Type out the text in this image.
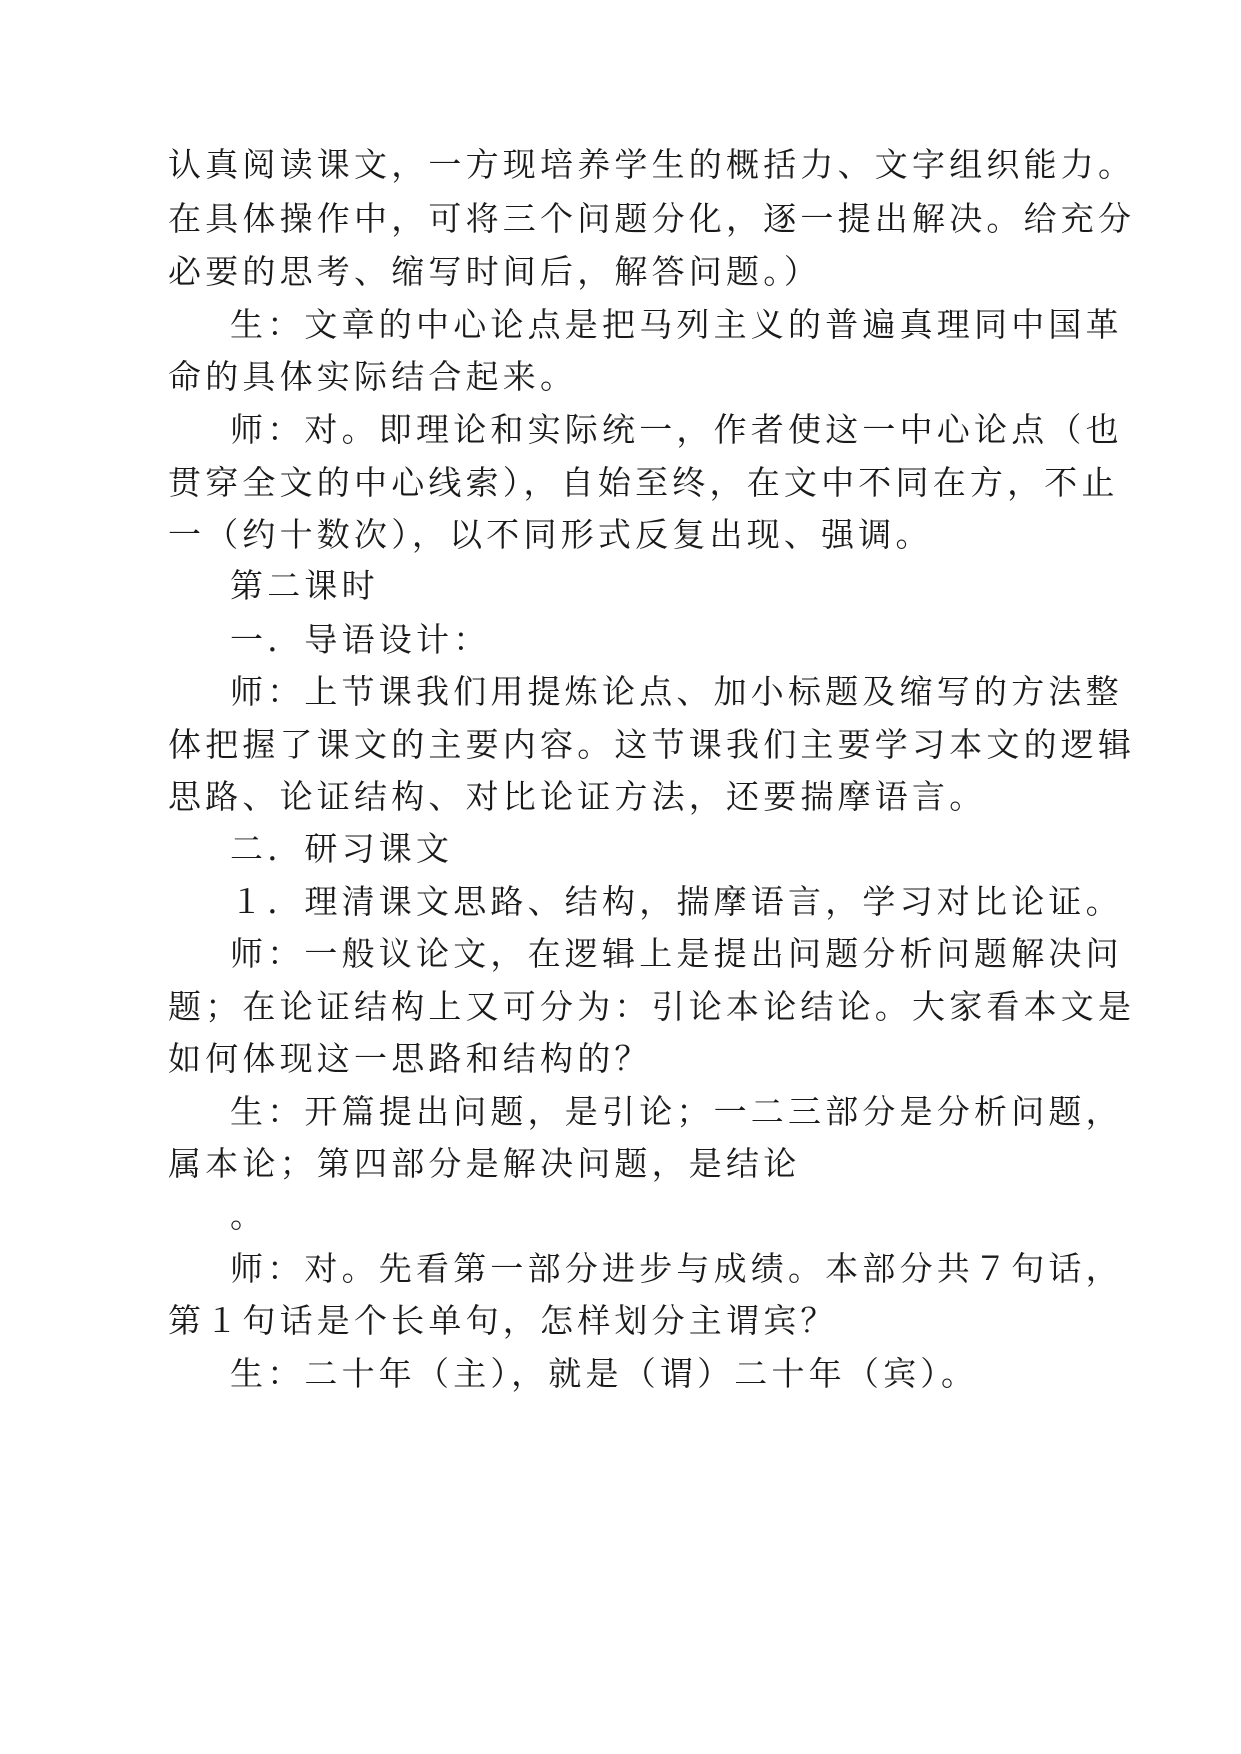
认真阅读课文，一方现培养学生的概括力、文字组织能力。
在具体操作中，可将三个问题分化，逐一提出解决。给充分
必要的思考、缩写时间后，解答问题。）
生：文章的中心论点是把马列主义的普遍真理同中国革
命的具体实际结合起来。
师：对。即理论和实际统一，作者使这一中心论点（也
贯穿全文的中心线索），自始至终，在文中不同在方，不止
一（约十数次），以不同形式反复出现、强调。
第二课时
一．导语设计：
师：上节课我们用提炼论点、加小标题及缩写的方法整
体把握了课文的主要内容。这节课我们主要学习本文的逻辑
思路、论证结构、对比论证方法，还要揣摩语言。
二．研习课文
１．理清课文思路、结构，揣摩语言，学习对比论证。
师：一般议论文，在逻辑上是提出问题分析问题解决问
题；在论证结构上又可分为：引论本论结论。大家看本文是
如何体现这一思路和结构的？
生：开篇提出问题，是引论；一二三部分是分析问题，
属本论；第四部分是解决问题，是结论
。
师：对。先看第一部分进步与成绩。本部分共７句话，
第１句话是个长单句，怎样划分主谓宾？
生：二十年（主），就是（谓）二十年（宾）。
